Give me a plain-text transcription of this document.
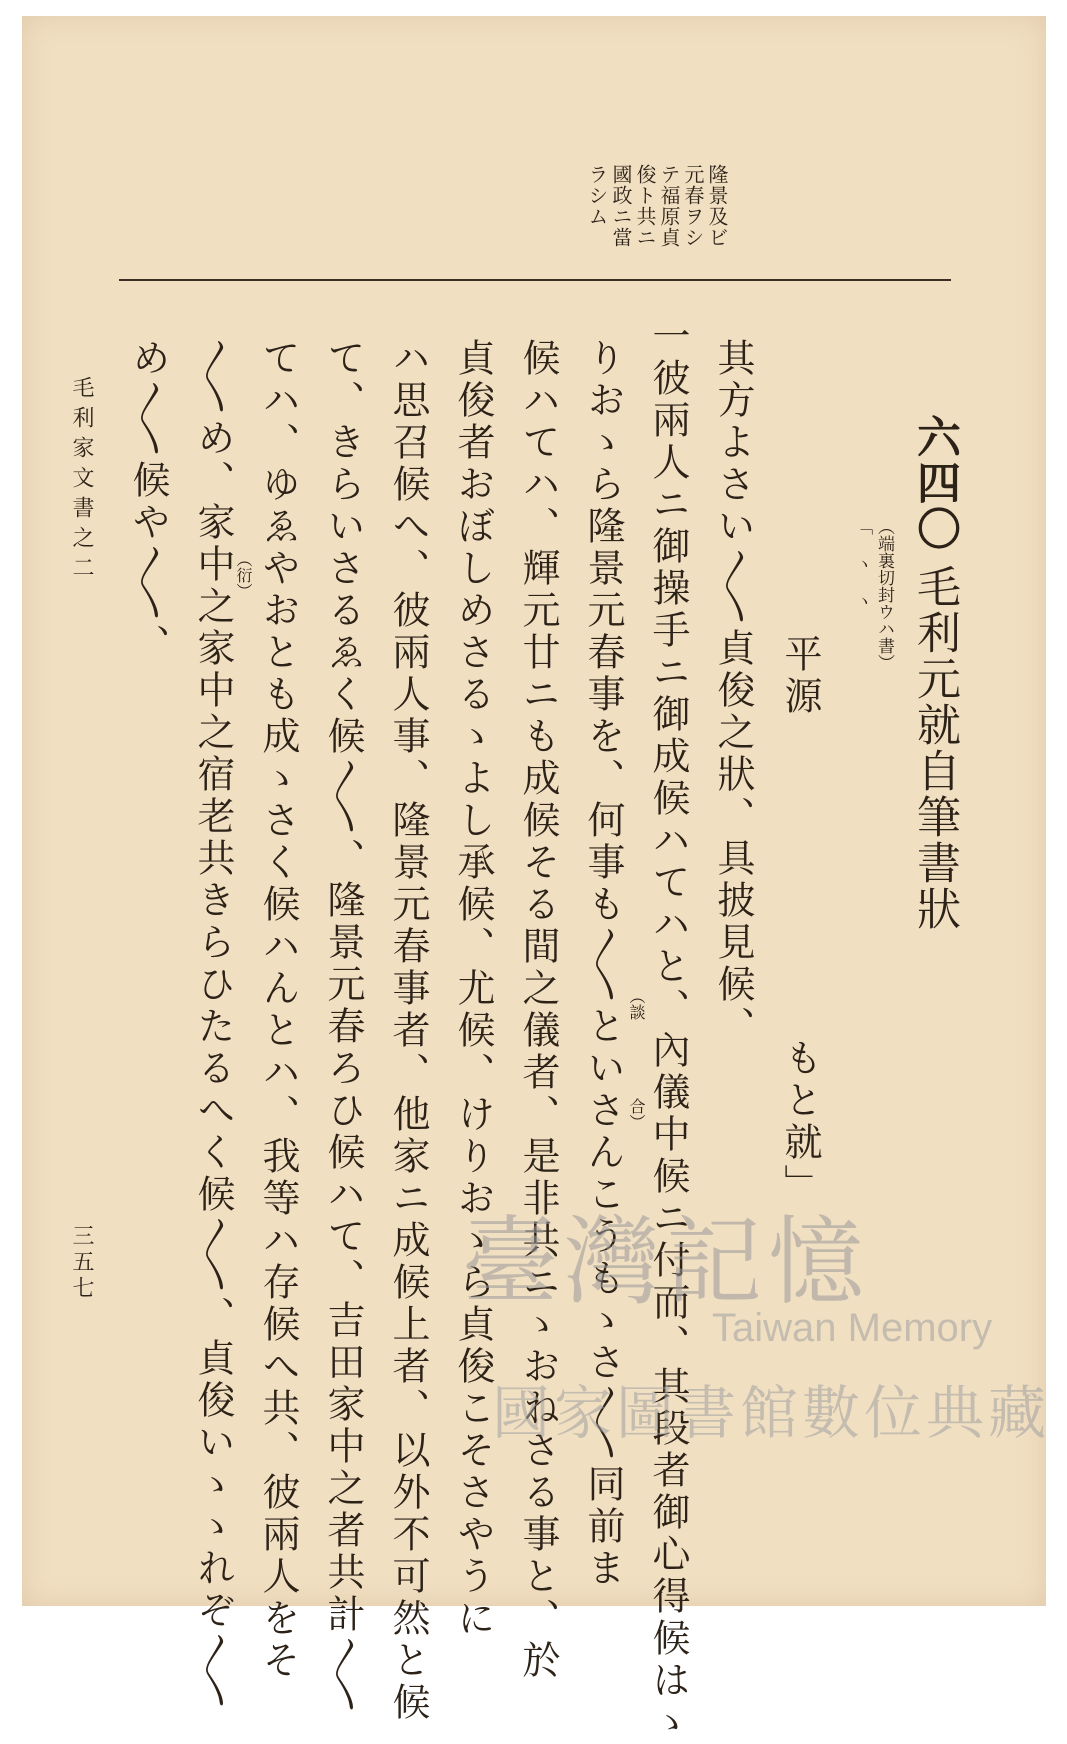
隆景及ビ
元春ヲシ
テ福原貞
俊ト共ニ
國政ニ當
ラシム
六四〇
毛利元就自筆書狀
（端裏切封ウハ書）
「 ヽ ヽ
平源
もと就」
其方よさい〳〵貞俊之狀、具披見候、
一彼兩人ニ御操手ニ御成候ハてハと、內儀中候ニ付而、其段者御心得候はゝ
（談
合）
りおゝら隆景元春事を、何事も〳〵といさんこうもゝさ〳〵同前ま
候ハてハ、輝元廿ニも成候そる間之儀者、是非共ニゝおねさる事と、於
貞俊者おぼしめさるゝよし承候、尤候、けりおゝら貞俊こそさやうに
ハ思召候へ、彼兩人事、隆景元春事者、他家ニ成候上者、以外不可然と候
て、きらいさるゑく候〳〵、隆景元春ろひ候ハて、吉田家中之者共計〳〵
てハ、ゆゑやおとも成ゝさく候ハんとハ、我等ハ存候へ共、彼兩人をそ
（衍）
〳〵め、家中之家中之宿老共きらひたるへく候〳〵、貞俊いゝゝれぞ〳〵
め〳〵候や〳〵、
毛利家文書之二
三五七	臺灣記憶
Taiwan Memory
國家圖書館數位典藏
